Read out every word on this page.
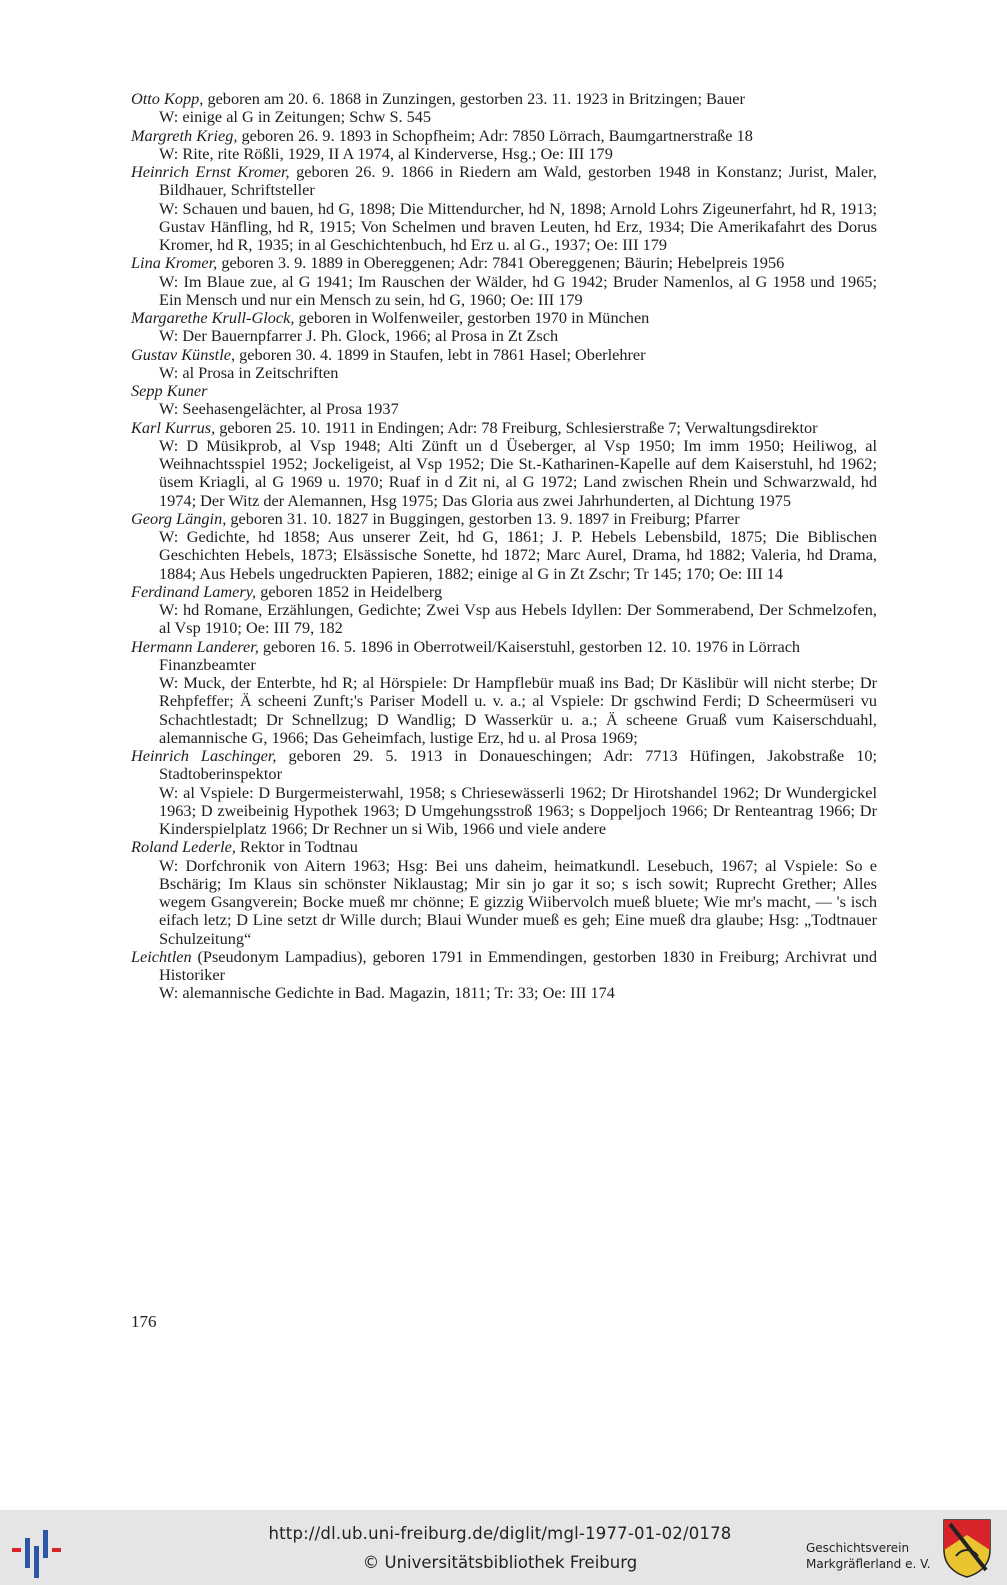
Otto Kopp, geboren am 20. 6. 1868 in Zunzingen, gestorben 23. 11. 1923 in Britzingen; Bauer

W: einige al G in Zeitungen; Schw S. 545

Margreth Krieg, geboren 26. 9. 1893 in Schopfheim; Adr: 7850 Lörrach, Baumgartnerstraße 18

W: Rite, rite Rößli, 1929, II A 1974, al Kinderverse, Hsg.; Oe: III 179

Heinrich Ernst Kromer, geboren 26. 9. 1866 in Riedern am Wald, gestorben 1948 in Konstanz; Jurist, Maler, Bildhauer, Schriftsteller

W: Schauen und bauen, hd G, 1898; Die Mittendurcher, hd N, 1898; Arnold Lohrs Zigeunerfahrt, hd R, 1913; Gustav Hänfling, hd R, 1915; Von Schelmen und braven Leuten, hd Erz, 1934; Die Amerikafahrt des Dorus Kromer, hd R, 1935; in al Geschichtenbuch, hd Erz u. al G., 1937; Oe: III 179

Lina Kromer, geboren 3. 9. 1889 in Obereggenen; Adr: 7841 Obereggenen; Bäurin; Hebelpreis 1956

W: Im Blaue zue, al G 1941; Im Rauschen der Wälder, hd G 1942; Bruder Namenlos, al G 1958 und 1965; Ein Mensch und nur ein Mensch zu sein, hd G, 1960; Oe: III 179

Margarethe Krull-Glock, geboren in Wolfenweiler, gestorben 1970 in München

W: Der Bauernpfarrer J. Ph. Glock, 1966; al Prosa in Zt Zsch

Gustav Künstle, geboren 30. 4. 1899 in Staufen, lebt in 7861 Hasel; Oberlehrer

W: al Prosa in Zeitschriften

Sepp Kuner

W: Seehasengelächter, al Prosa 1937

Karl Kurrus, geboren 25. 10. 1911 in Endingen; Adr: 78 Freiburg, Schlesierstraße 7; Verwaltungsdirektor

W: D Müsikprob, al Vsp 1948; Alti Zünft un d Üseberger, al Vsp 1950; Im imm 1950; Heiliwog, al Weihnachtsspiel 1952; Jockeligeist, al Vsp 1952; Die St.-Katharinen-Kapelle auf dem Kaiserstuhl, hd 1962; üsem Kriagli, al G 1969 u. 1970; Ruaf in d Zit ni, al G 1972; Land zwischen Rhein und Schwarzwald, hd 1974; Der Witz der Alemannen, Hsg 1975; Das Gloria aus zwei Jahrhunderten, al Dichtung 1975

Georg Längin, geboren 31. 10. 1827 in Buggingen, gestorben 13. 9. 1897 in Freiburg; Pfarrer

W: Gedichte, hd 1858; Aus unserer Zeit, hd G, 1861; J. P. Hebels Lebensbild, 1875; Die Biblischen Geschichten Hebels, 1873; Elsässische Sonette, hd 1872; Marc Aurel, Drama, hd 1882; Valeria, hd Drama, 1884; Aus Hebels ungedruckten Papieren, 1882; einige al G in Zt Zschr; Tr 145; 170; Oe: III 14

Ferdinand Lamery, geboren 1852 in Heidelberg

W: hd Romane, Erzählungen, Gedichte; Zwei Vsp aus Hebels Idyllen: Der Sommerabend, Der Schmelzofen, al Vsp 1910; Oe: III 79, 182

Hermann Landerer, geboren 16. 5. 1896 in Oberrotweil/Kaiserstuhl, gestorben 12. 10. 1976 in Lörrach

Finanzbeamter

W: Muck, der Enterbte, hd R; al Hörspiele: Dr Hampflebür muaß ins Bad; Dr Käslibür will nicht sterbe; Dr Rehpfeffer; Ä scheeni Zunft;'s Pariser Modell u. v. a.; al Vspiele: Dr gschwind Ferdi; D Scheermüseri vu Schachtlestadt; Dr Schnellzug; D Wandlig; D Wasserkür u. a.; Ä scheene Gruaß vum Kaiserschduahl, alemannische G, 1966; Das Geheimfach, lustige Erz, hd u. al Prosa 1969;

Heinrich Laschinger, geboren 29. 5. 1913 in Donaueschingen; Adr: 7713 Hüfingen, Jakobstraße 10; Stadtoberinspektor

W: al Vspiele: D Burgermeisterwahl, 1958; s Chriesewässerli 1962; Dr Hirotshandel 1962; Dr Wundergickel 1963; D zweibeinig Hypothek 1963; D Umgehungsstroß 1963; s Doppeljoch 1966; Dr Renteantrag 1966; Dr Kinderspielplatz 1966; Dr Rechner un si Wib, 1966 und viele andere

Roland Lederle, Rektor in Todtnau

W: Dorfchronik von Aitern 1963; Hsg: Bei uns daheim, heimatkundl. Lesebuch, 1967; al Vspiele: So e Bschärig; Im Klaus sin schönster Niklaustag; Mir sin jo gar it so; s isch sowit; Ruprecht Grether; Alles wegem Gsangverein; Bocke mueß mr chönne; E gizzig Wiibervolch mueß bluete; Wie mr's macht, — 's isch eifach letz; D Line setzt dr Wille durch; Blaui Wunder mueß es geh; Eine mueß dra glaube; Hsg: „Todtnauer Schulzeitung“

Leichtlen (Pseudonym Lampadius), geboren 1791 in Emmendingen, gestorben 1830 in Freiburg; Archivrat und Historiker

W: alemannische Gedichte in Bad. Magazin, 1811; Tr: 33; Oe: III 174

176
http://dl.ub.uni-freiburg.de/diglit/mgl-1977-01-02/0178
© Universitätsbibliothek Freiburg
Geschichtsverein
Markgräflerland e. V.
